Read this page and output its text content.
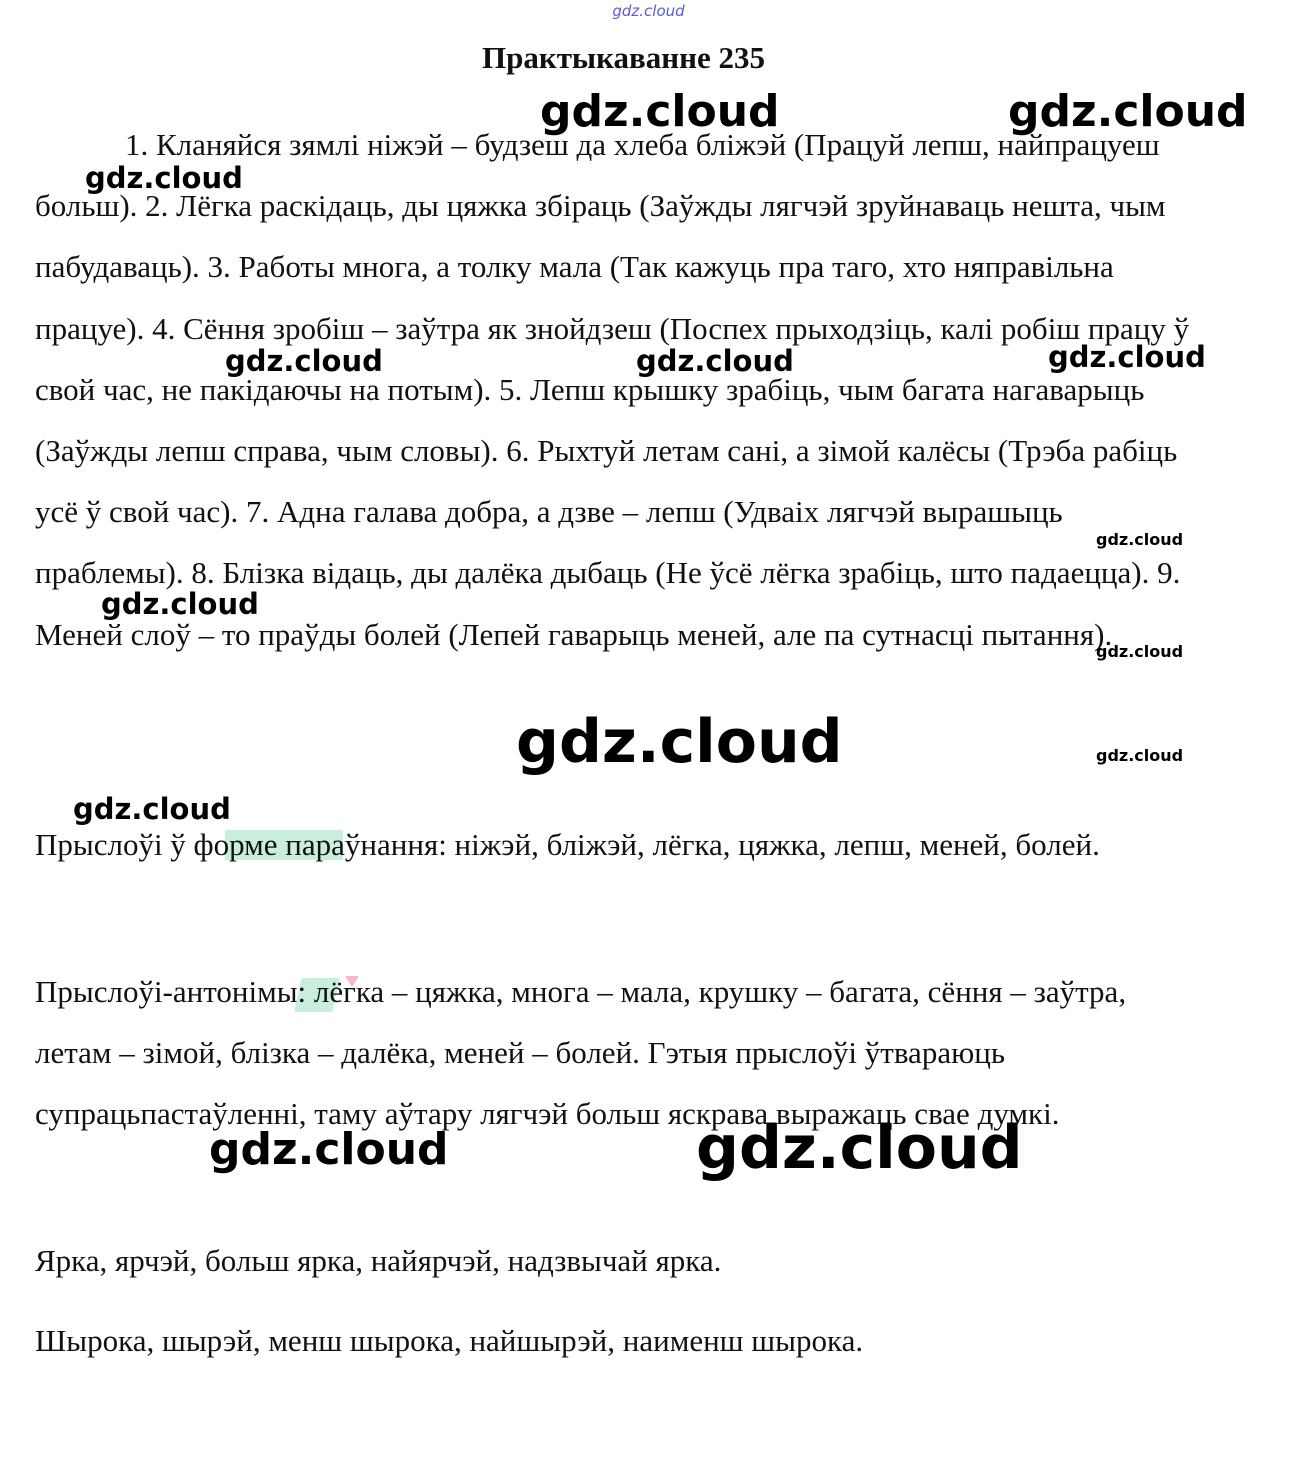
gdz.cloud
Практыкаванне 235

1. Кланяйся зямлі ніжэй – будзеш да хлеба бліжэй (Працуй лепш, найпрацуеш больш). 2. Лёгка раскідаць, ды цяжка збіраць (Заўжды лягчэй зруйнаваць нешта, чым пабудаваць). 3. Работы многа, а толку мала (Так кажуць пра таго, хто няправільна працуе). 4. Сёння зробіш – заўтра як знойдзеш (Поспех прыходзіць, калі робіш працу ў свой час, не пакідаючы на потым). 5. Лепш крышку зрабіць, чым багата нагаварыць (Заўжды лепш справа, чым словы). 6. Рыхтуй летам сані, а зімой калёсы (Трэба рабіць усё ў свой час). 7. Адна галава добра, а дзве – лепш (Удваіх лягчэй вырашыць праблемы). 8. Блізка відаць, ды далёка дыбаць (Не ўсё лёгка зрабіць, што падаецца). 9. Меней слоў – то праўды болей (Лепей гаварыць меней, але па сутнасці пытання).

Прыслоўі ў форме параўнання: ніжэй, бліжэй, лёгка, цяжка, лепш, меней, болей.

Прыслоўі-антонімы: лёгка – цяжка, многа – мала, крушку – багата, сёння – заўтра, летам – зімой, блізка – далёка, меней – болей. Гэтыя прыслоўі ўтвараюць супрацьпастаўленні, таму аўтару лягчэй больш яскрава выражаць свае думкі.

Ярка, ярчэй, больш ярка, найярчэй, надзвычай ярка.

Шырока, шырэй, менш шырока, найшырэй, наименш шырока.

gdz.cloud	gdz.cloud
gdz.cloud
gdz.cloud	gdz.cloud	gdz.cloud
gdz.cloud
gdz.cloud
gdz.cloud
gdz.cloud	gdz.cloud
gdz.cloud
gdz.cloud	gdz.cloud
